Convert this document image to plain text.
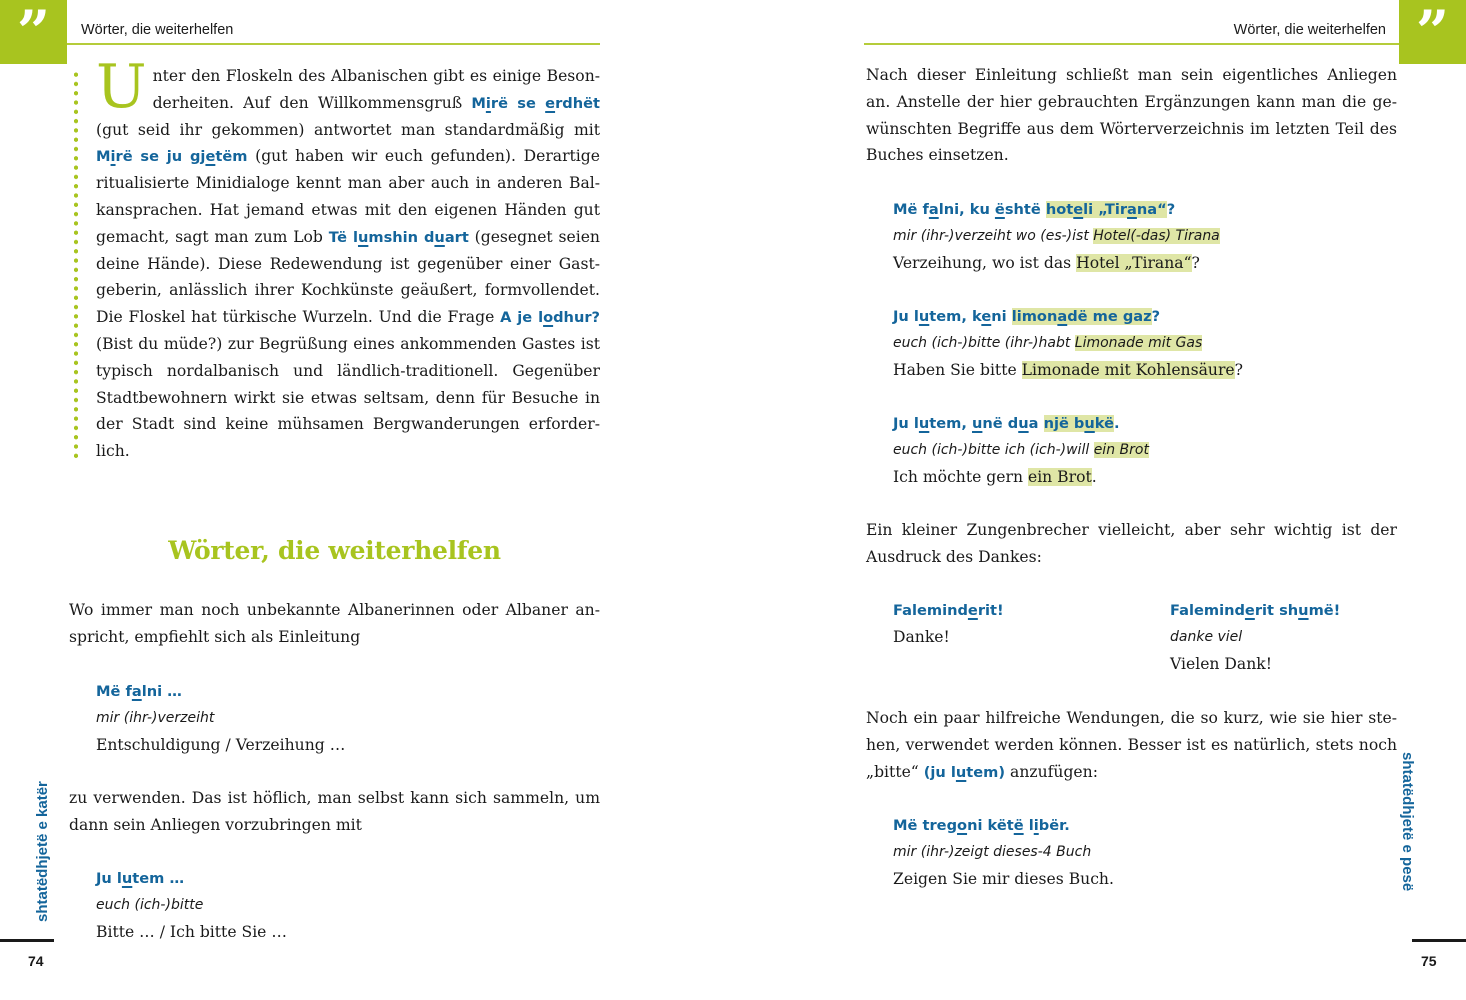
”	Wörter, die weiterhelfen
U nter den Floskeln des Albanischen gibt es einige Beson-
derheiten. Auf den Willkommensgruß Mirë se erdhët
(gut seid ihr gekommen) antwortet man standardmäßig mit
Mirë se ju gjetëm (gut haben wir euch gefunden). Derartige
ritualisierte Minidialoge kennt man aber auch in anderen Bal-
kansprachen. Hat jemand etwas mit den eigenen Händen gut
gemacht, sagt man zum Lob Të lumshin duart (gesegnet seien
deine Hände). Diese Redewendung ist gegenüber einer Gast-
geberin, anlässlich ihrer Kochkünste geäußert, formvollendet.
Die Floskel hat türkische Wurzeln. Und die Frage A je lodhur?
(Bist du müde?) zur Begrüßung eines ankommenden Gastes ist
typisch nordalbanisch und ländlich-traditionell. Gegenüber
Stadtbewohnern wirkt sie etwas seltsam, denn für Besuche in
der Stadt sind keine mühsamen Bergwanderungen erforder-
lich.
Wörter, die weiterhelfen
Wo immer man noch unbekannte Albanerinnen oder Albaner an-
spricht, empfiehlt sich als Einleitung
Më falni …
mir (ihr-)verzeiht
Entschuldigung / Verzeihung …
zu verwenden. Das ist höflich, man selbst kann sich sammeln, um
dann sein Anliegen vorzubringen mit
Ju lutem …
euch (ich-)bitte
Bitte … / Ich bitte Sie …
shtatëdhjetë e katër
74
”
Wörter, die weiterhelfen
Nach dieser Einleitung schließt man sein eigentliches Anliegen
an. Anstelle der hier gebrauchten Ergänzungen kann man die ge-
wünschten Begriffe aus dem Wörterverzeichnis im letzten Teil des
Buches einsetzen.
Më falni, ku është hoteli „Tirana“?
mir (ihr-)verzeiht wo (es-)ist Hotel(-das) Tirana
Verzeihung, wo ist das Hotel „Tirana“?
Ju lutem, keni limonadë me gaz?
euch (ich-)bitte (ihr-)habt Limonade mit Gas
Haben Sie bitte Limonade mit Kohlensäure?
Ju lutem, unë dua një bukë.
euch (ich-)bitte ich (ich-)will ein Brot
Ich möchte gern ein Brot.
Ein kleiner Zungenbrecher vielleicht, aber sehr wichtig ist der
Ausdruck des Dankes:
Faleminderit!
Danke!
Faleminderit shumë!
danke viel
Vielen Dank!
Noch ein paar hilfreiche Wendungen, die so kurz, wie sie hier ste-
hen, verwendet werden können. Besser ist es natürlich, stets noch
„bitte“ (ju lutem) anzufügen:
Më tregoni këtë libër.
mir (ihr-)zeigt dieses-4 Buch
Zeigen Sie mir dieses Buch.	shtatëdhjetë e pesë
75
